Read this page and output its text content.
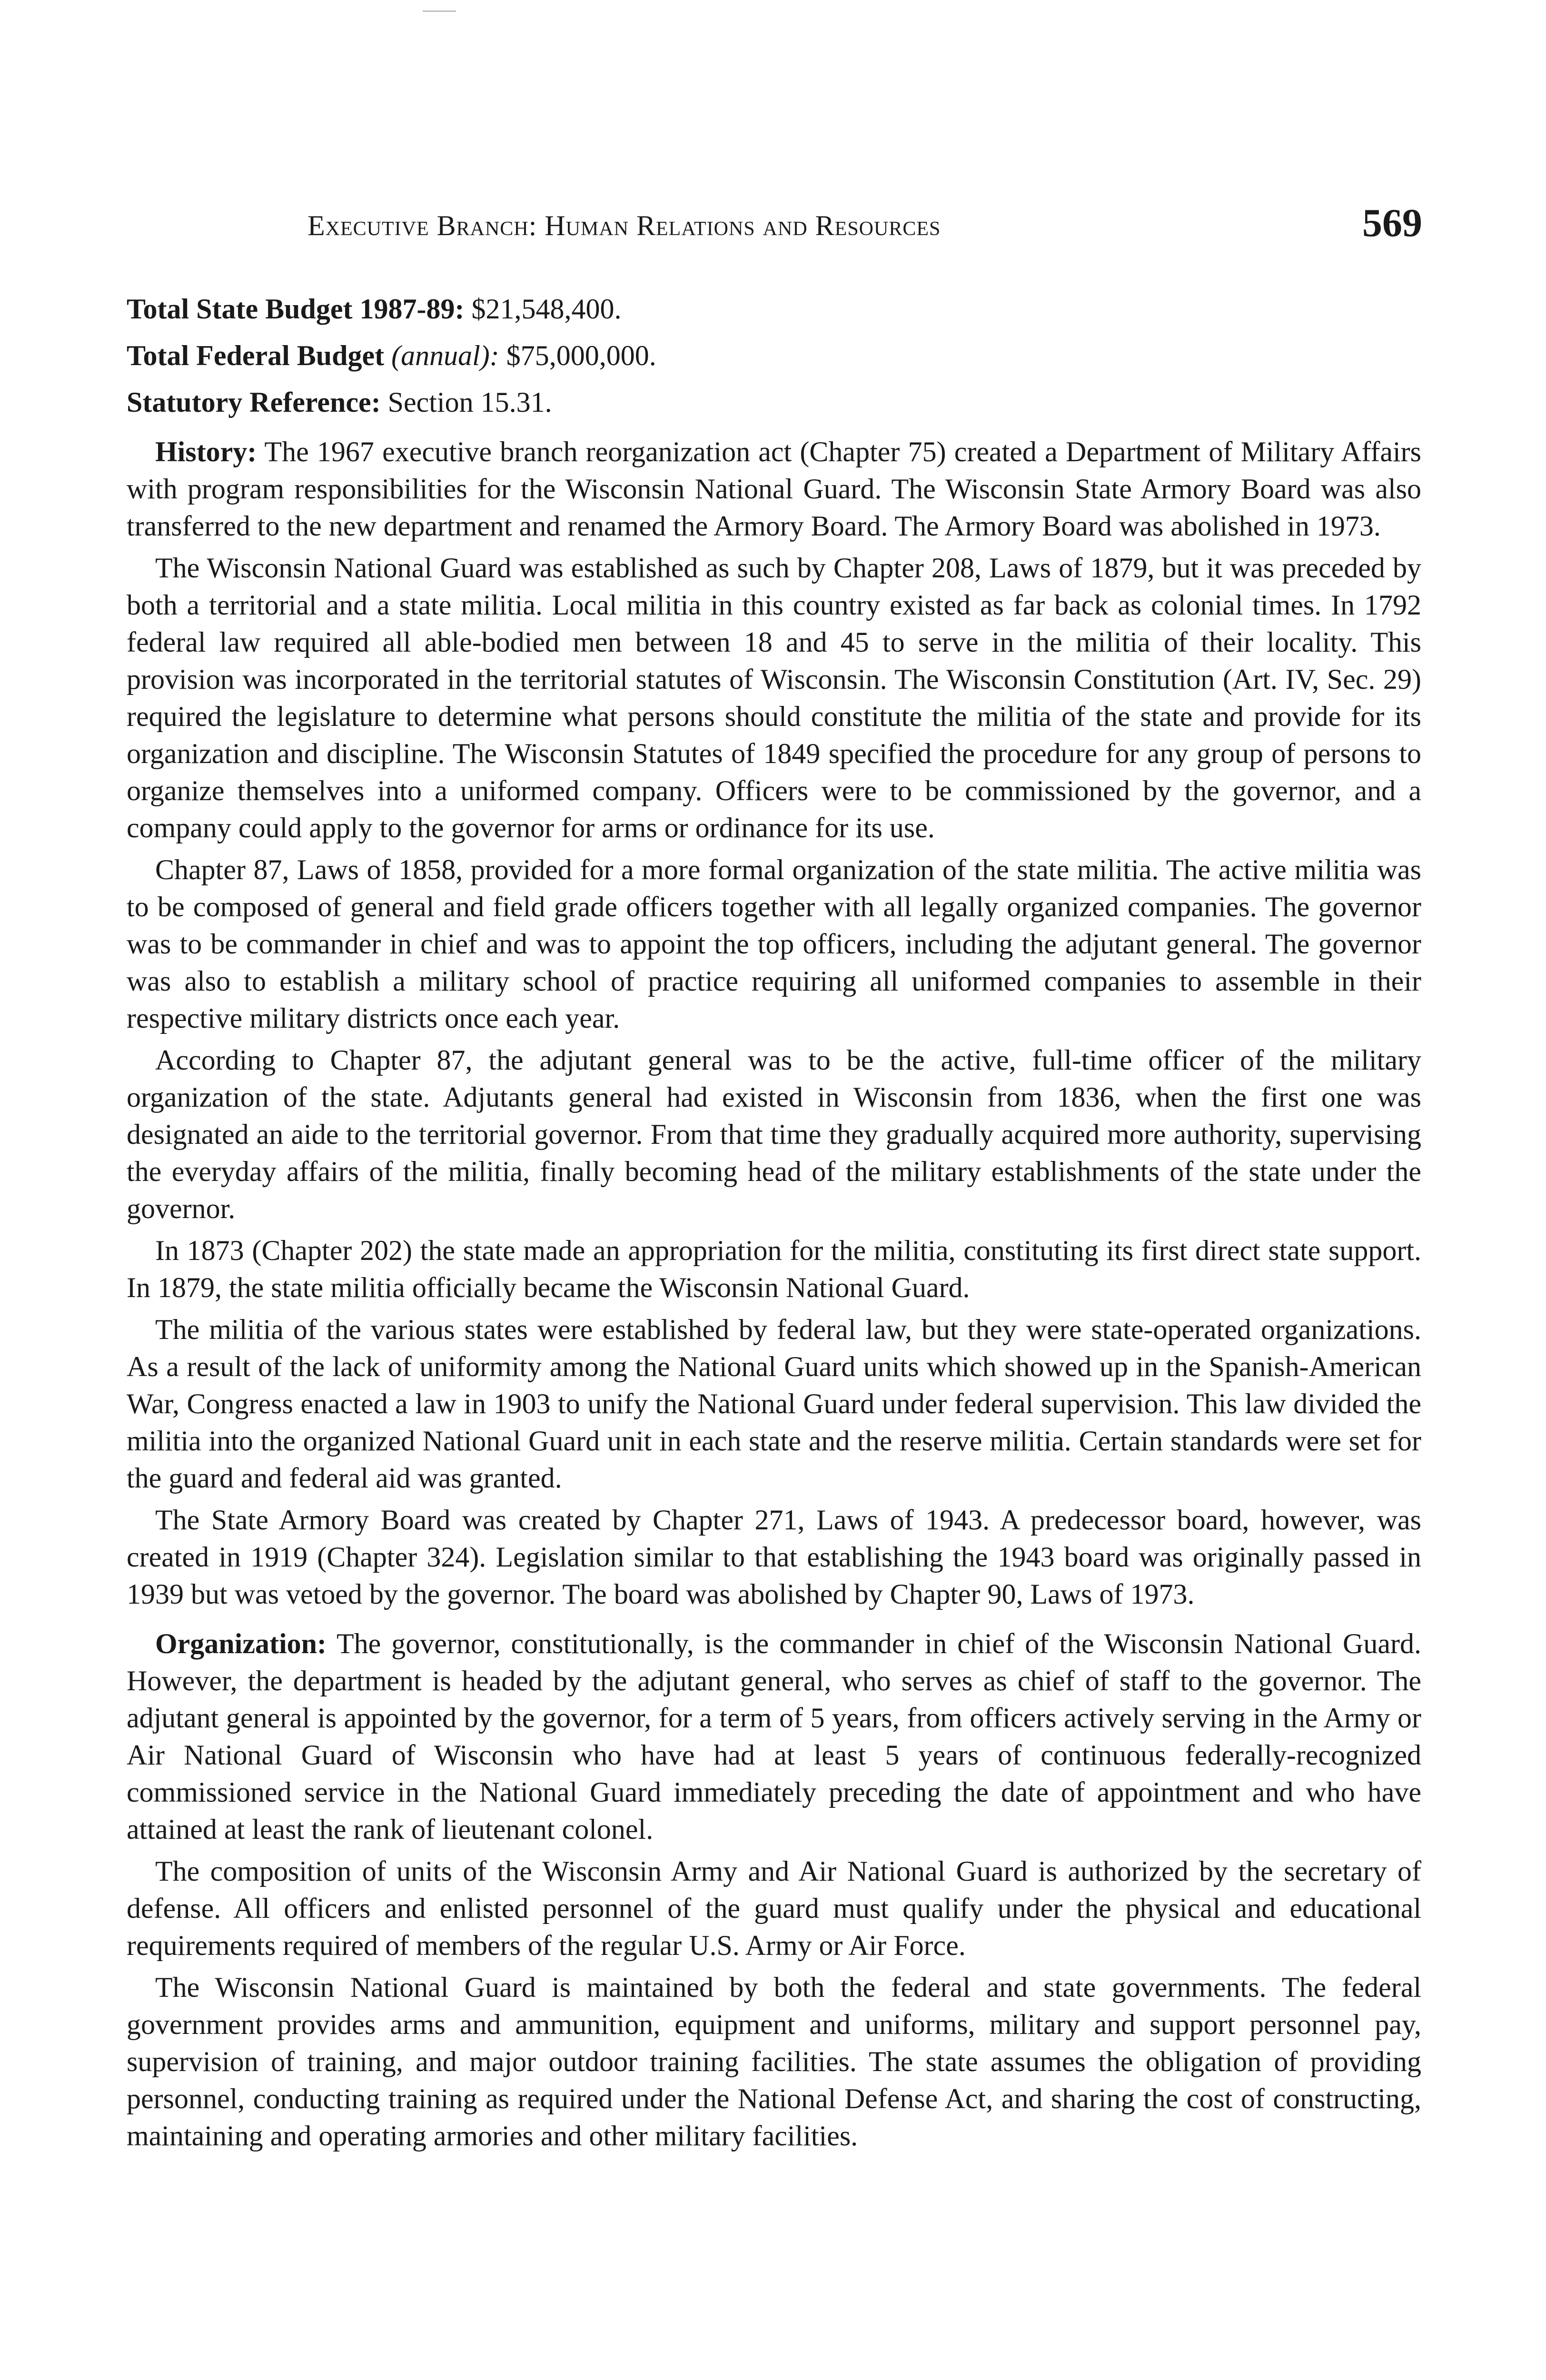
Executive Branch: Human Relations and Resources	569

Total State Budget 1987-89: $21,548,400.

Total Federal Budget (annual): $75,000,000.

Statutory Reference: Section 15.31.

History: The 1967 executive branch reorganization act (Chapter 75) created a Department of Military Affairs with program responsibilities for the Wisconsin National Guard. The Wisconsin State Armory Board was also transferred to the new department and renamed the Armory Board. The Armory Board was abolished in 1973.

The Wisconsin National Guard was established as such by Chapter 208, Laws of 1879, but it was preceded by both a territorial and a state militia. Local militia in this country existed as far back as colonial times. In 1792 federal law required all able-bodied men between 18 and 45 to serve in the militia of their locality. This provision was incorporated in the territorial statutes of Wisconsin. The Wisconsin Constitution (Art. IV, Sec. 29) required the legislature to determine what persons should constitute the militia of the state and provide for its organization and discipline. The Wisconsin Statutes of 1849 specified the procedure for any group of persons to organize themselves into a uniformed company. Officers were to be commissioned by the governor, and a company could apply to the governor for arms or ordinance for its use.

Chapter 87, Laws of 1858, provided for a more formal organization of the state militia. The active militia was to be composed of general and field grade officers together with all legally organized companies. The governor was to be commander in chief and was to appoint the top officers, including the adjutant general. The governor was also to establish a military school of practice requiring all uniformed companies to assemble in their respective military districts once each year.

According to Chapter 87, the adjutant general was to be the active, full-time officer of the military organization of the state. Adjutants general had existed in Wisconsin from 1836, when the first one was designated an aide to the territorial governor. From that time they gradually acquired more authority, supervising the everyday affairs of the militia, finally becoming head of the military establishments of the state under the governor.

In 1873 (Chapter 202) the state made an appropriation for the militia, constituting its first direct state support. In 1879, the state militia officially became the Wisconsin National Guard.

The militia of the various states were established by federal law, but they were state-operated organizations. As a result of the lack of uniformity among the National Guard units which showed up in the Spanish-American War, Congress enacted a law in 1903 to unify the National Guard under federal supervision. This law divided the militia into the organized National Guard unit in each state and the reserve militia. Certain standards were set for the guard and federal aid was granted.

The State Armory Board was created by Chapter 271, Laws of 1943. A predecessor board, however, was created in 1919 (Chapter 324). Legislation similar to that establishing the 1943 board was originally passed in 1939 but was vetoed by the governor. The board was abolished by Chapter 90, Laws of 1973.

Organization: The governor, constitutionally, is the commander in chief of the Wisconsin National Guard. However, the department is headed by the adjutant general, who serves as chief of staff to the governor. The adjutant general is appointed by the governor, for a term of 5 years, from officers actively serving in the Army or Air National Guard of Wisconsin who have had at least 5 years of continuous federally-recognized commissioned service in the National Guard immediately preceding the date of appointment and who have attained at least the rank of lieutenant colonel.

The composition of units of the Wisconsin Army and Air National Guard is authorized by the secretary of defense. All officers and enlisted personnel of the guard must qualify under the physical and educational requirements required of members of the regular U.S. Army or Air Force.

The Wisconsin National Guard is maintained by both the federal and state governments. The federal government provides arms and ammunition, equipment and uniforms, military and support personnel pay, supervision of training, and major outdoor training facilities. The state assumes the obligation of providing personnel, conducting training as required under the National Defense Act, and sharing the cost of constructing, maintaining and operating armories and other military facilities.
